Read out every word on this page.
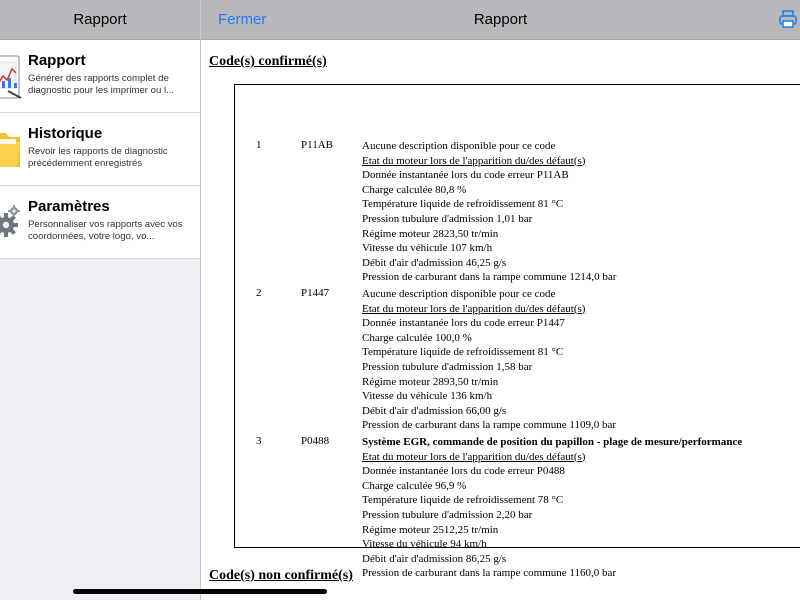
Rapport
Rapport
Générer des rapports complet de diagnostic pour les imprimer ou l...
Historique
Revoir les rapports de diagnostic précédemment enregistrés
Paramètres
Personnaliser vos rapports avec vos coordonnées, votre logo, vo...
Fermer	Rapport
Code(s) confirmé(s)
1	P11AB	Aucune description disponible pour ce code
Etat du moteur lors de l'apparition du/des défaut(s)
Donnée instantanée lors du code erreur P11AB
Charge calculée 80,8 %
Température liquide de refroidissement 81 °C
Pression tubulure d'admission 1,01 bar
Régime moteur 2823,50 tr/min
Vitesse du véhicule 107 km/h
Débit d'air d'admission 46,25 g/s
Pression de carburant dans la rampe commune 1214,0 bar
2	P1447	Aucune description disponible pour ce code
Etat du moteur lors de l'apparition du/des défaut(s)
Donnée instantanée lors du code erreur P1447
Charge calculée 100,0 %
Température liquide de refroidissement 81 °C
Pression tubulure d'admission 1,58 bar
Régime moteur 2893,50 tr/min
Vitesse du véhicule 136 km/h
Débit d'air d'admission 66,00 g/s
Pression de carburant dans la rampe commune 1109,0 bar
3	P0488	Système EGR, commande de position du papillon - plage de mesure/performance
Etat du moteur lors de l'apparition du/des défaut(s)
Donnée instantanée lors du code erreur P0488
Charge calculée 96,9 %
Température liquide de refroidissement 78 °C
Pression tubulure d'admission 2,20 bar
Régime moteur 2512,25 tr/min
Vitesse du véhicule 94 km/h
Débit d'air d'admission 86,25 g/s
Pression de carburant dans la rampe commune 1160,0 bar
Code(s) non confirmé(s)
